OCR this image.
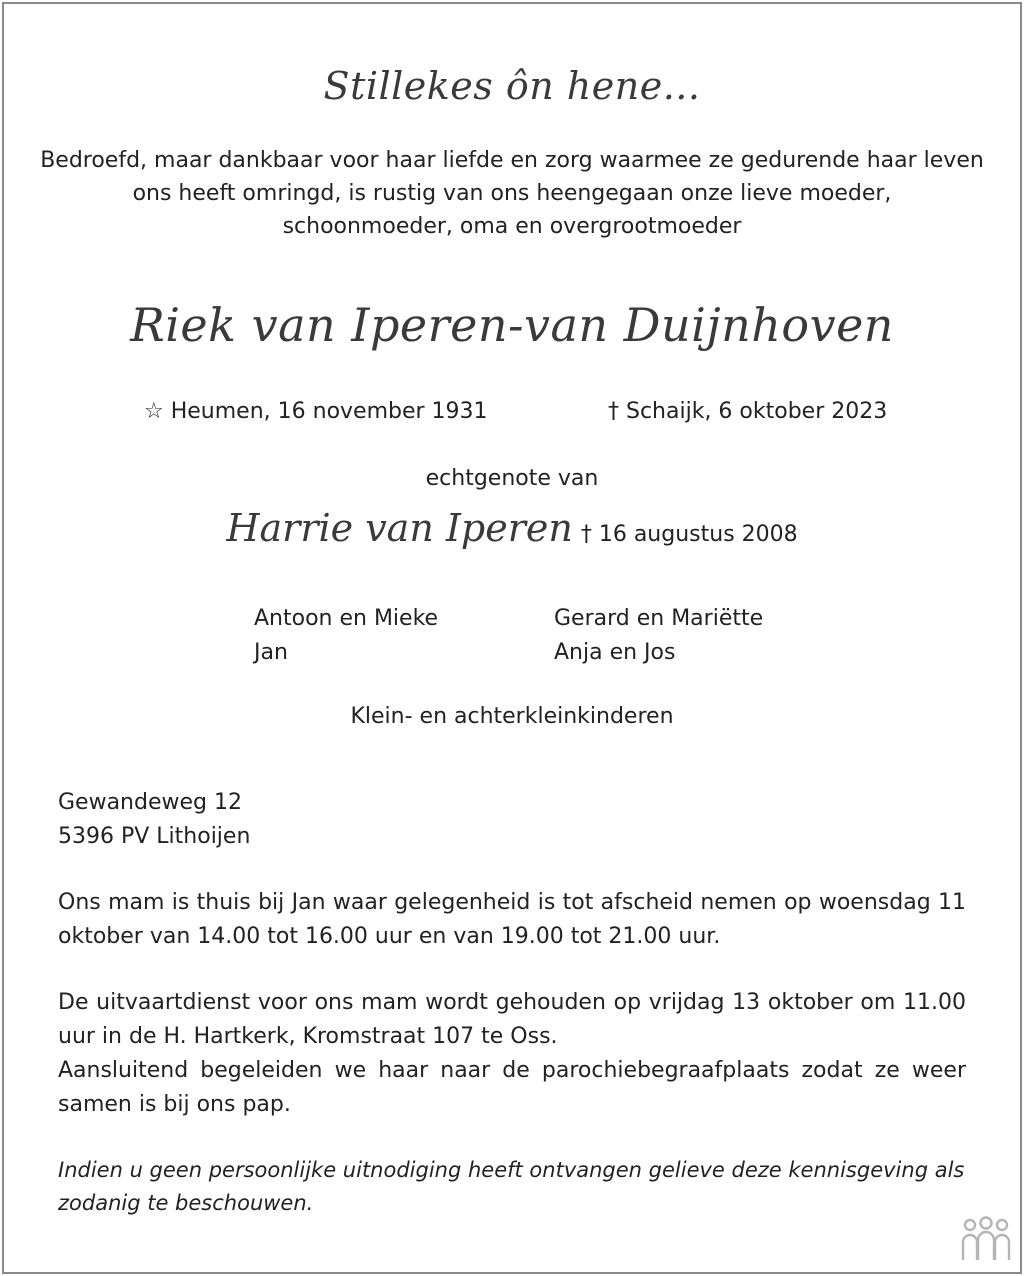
Stillekes ôn hene...
Bedroefd, maar dankbaar voor haar liefde en zorg waarmee ze gedurende haar leven
ons heeft omringd, is rustig van ons heengegaan onze lieve moeder,
schoonmoeder, oma en overgrootmoeder
Riek van Iperen-van Duijnhoven
☆ Heumen, 16 november 1931	† Schaijk, 6 oktober 2023
echtgenote van
Harrie van Iperen † 16 augustus 2008
Antoon en Mieke
Jan
Gerard en Mariëtte
Anja en Jos
Klein- en achterkleinkinderen
Gewandeweg 12
5396 PV Lithoijen
Ons mam is thuis bij Jan waar gelegenheid is tot afscheid nemen op woensdag 11 oktober van 14.00 tot 16.00 uur en van 19.00 tot 21.00 uur.
De uitvaartdienst voor ons mam wordt gehouden op vrijdag 13 oktober om 11.00 uur in de H. Hartkerk, Kromstraat 107 te Oss.
Aansluitend begeleiden we haar naar de parochiebegraafplaats zodat ze weer samen is bij ons pap.
Indien u geen persoonlijke uitnodiging heeft ontvangen gelieve deze kennisgeving als zodanig te beschouwen.
